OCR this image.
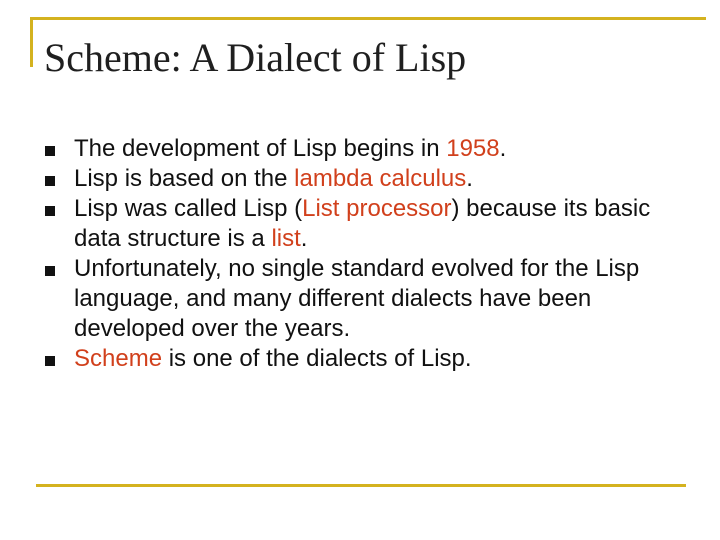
Scheme: A Dialect of Lisp
The development of Lisp begins in 1958.
Lisp is based on the lambda calculus.
Lisp was called Lisp (List processor) because its basic data structure is a list.
Unfortunately, no single standard evolved for the Lisp language, and many different dialects have been developed over the years.
Scheme is one of the dialects of Lisp.
